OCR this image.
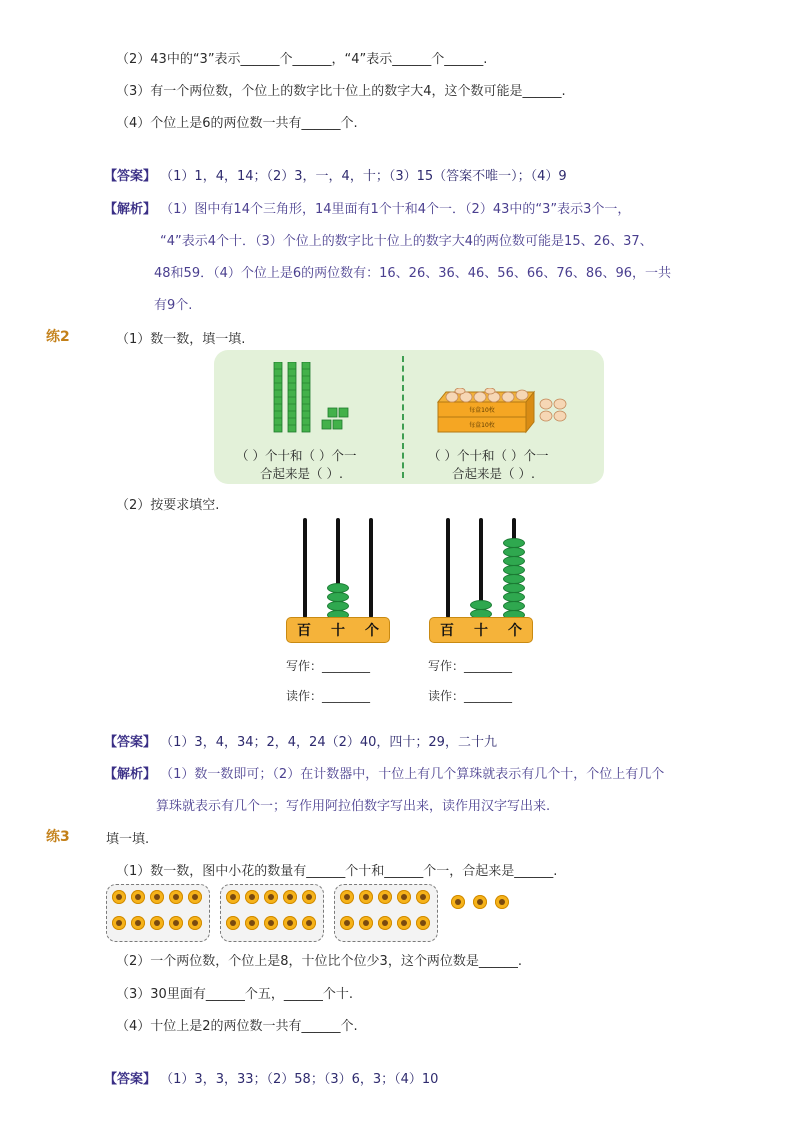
（2）43中的“3”表示______个______，“4”表示______个______.
（3）有一个两位数，个位上的数字比十位上的数字大4，这个数可能是______.
（4）个位上是6的两位数一共有______个.
【答案】 （1）1，4，14；（2）3，一，4，十；（3）15（答案不唯一）；（4）9
【解析】 （1）图中有14个三角形，14里面有1个十和4个一．（2）43中的“3”表示3个一，
“4”表示4个十．（3）个位上的数字比十位上的数字大4的两位数可能是15、26、37、
48和59．（4）个位上是6的两位数有：16、26、36、46、56、66、76、86、96，一共
有9个.
练2	（1）数一数，填一填.
每盒10枚
每盒10枚
（ ）个十和（ ）个一
合起来是（ ）.
（ ）个十和（ ）个一
合起来是（ ）.
（2）按要求填空.
百 十 个	百 十 个
写作：________
读作：________
写作：________
读作：________
【答案】 （1）3，4，34；2，4，24（2）40，四十；29，二十九
【解析】 （1）数一数即可；（2）在计数器中，十位上有几个算珠就表示有几个十，个位上有几个
算珠就表示有几个一；写作用阿拉伯数字写出来，读作用汉字写出来.
练3	填一填.
（1）数一数，图中小花的数量有______个十和______个一，合起来是______.
（2）一个两位数，个位上是8，十位比个位少3，这个两位数是______.
（3）30里面有______个五，______个十.
（4）十位上是2的两位数一共有______个.
【答案】 （1）3，3，33；（2）58；（3）6，3；（4）10
